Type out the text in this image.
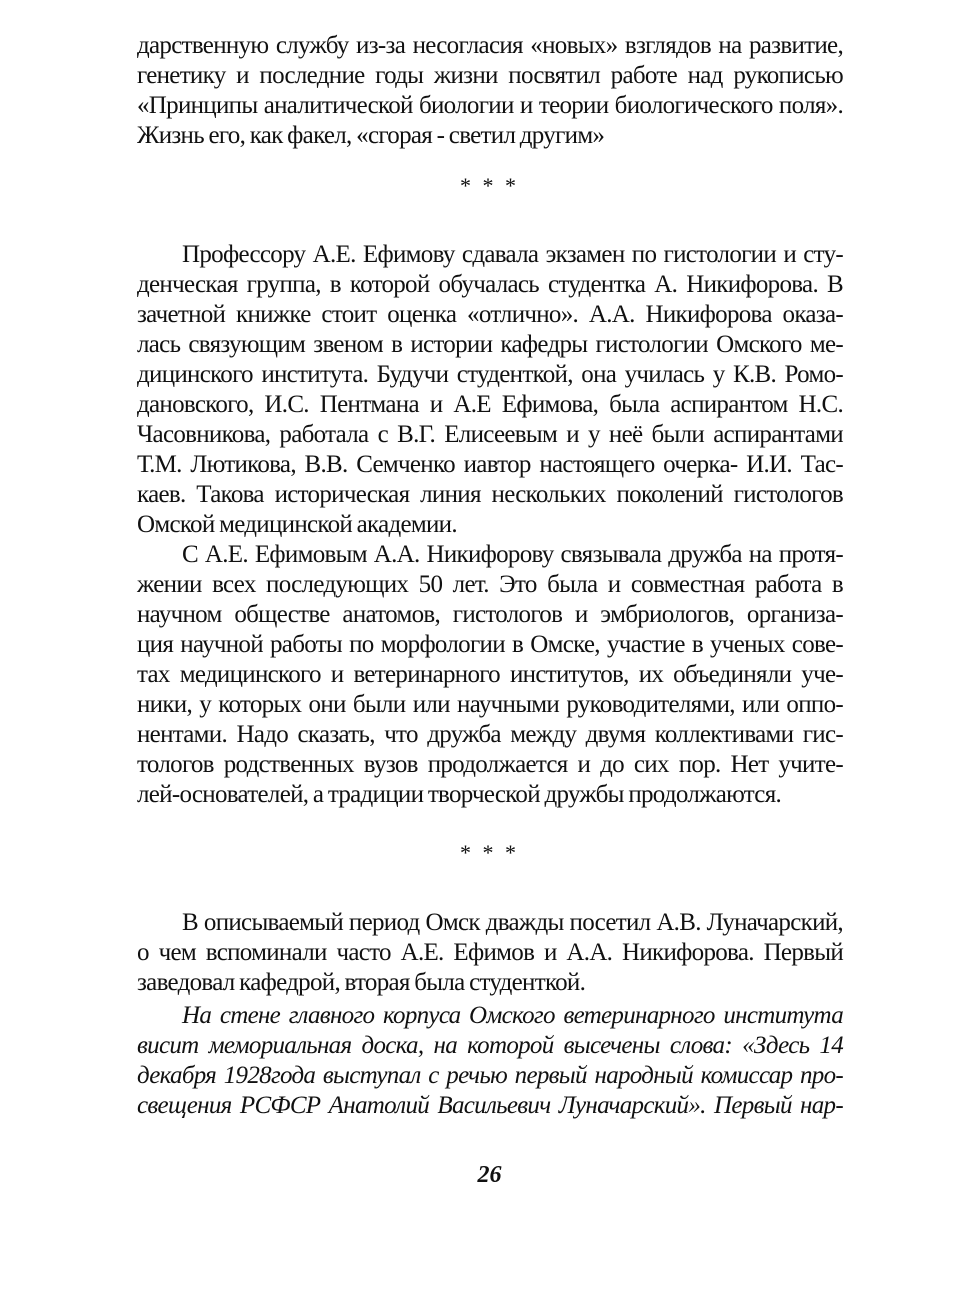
дарственную службу из-за несогласия «новых» взглядов на развитие,
генетику и последние годы жизни посвятил работе над рукописью
«Принципы аналитической биологии и теории биологического поля».
Жизнь его, как факел, «сгорая - светил другим»
* * *
Профессору А.Е. Ефимову сдавала экзамен по гистологии и сту-
денческая группа, в которой обучалась студентка А. Никифорова. В
зачетной книжке стоит оценка «отлично». А.А. Никифорова оказа-
лась связующим звеном в истории кафедры гистологии Омского ме-
дицинского института. Будучи студенткой, она училась у К.В. Ромо-
дановского, И.С. Пентмана и А.Е Ефимова, была аспирантом Н.С.
Часовникова, работала с В.Г. Елисеевым и у неё были аспирантами
Т.М. Лютикова, В.В. Семченко иавтор настоящего очерка- И.И. Тас-
каев. Такова историческая линия нескольких поколений гистологов
Омской медицинской академии.
С А.Е. Ефимовым А.А. Никифорову связывала дружба на протя-
жении всех последующих 50 лет. Это была и совместная работа в
научном обществе анатомов, гистологов и эмбриологов, организа-
ция научной работы по морфологии в Омске, участие в ученых сове-
тах медицинского и ветеринарного институтов, их объединяли уче-
ники, у которых они были или научными руководителями, или оппо-
нентами. Надо сказать, что дружба между двумя коллективами гис-
тологов родственных вузов продолжается и до сих пор. Нет учите-
лей-основателей, а традиции творческой дружбы продолжаются.
* * *
В описываемый период Омск дважды посетил А.В. Луначарский,
о чем вспоминали часто А.Е. Ефимов и А.А. Никифорова. Первый
заведовал кафедрой, вторая была студенткой.
На стене главного корпуса Омского ветеринарного института
висит мемориальная доска, на которой высечены слова: «Здесь 14
декабря 1928года выступал с речью первый народный комиссар про-
свещения РСФСР Анатолий Васильевич Луначарский». Первый нар-
26
